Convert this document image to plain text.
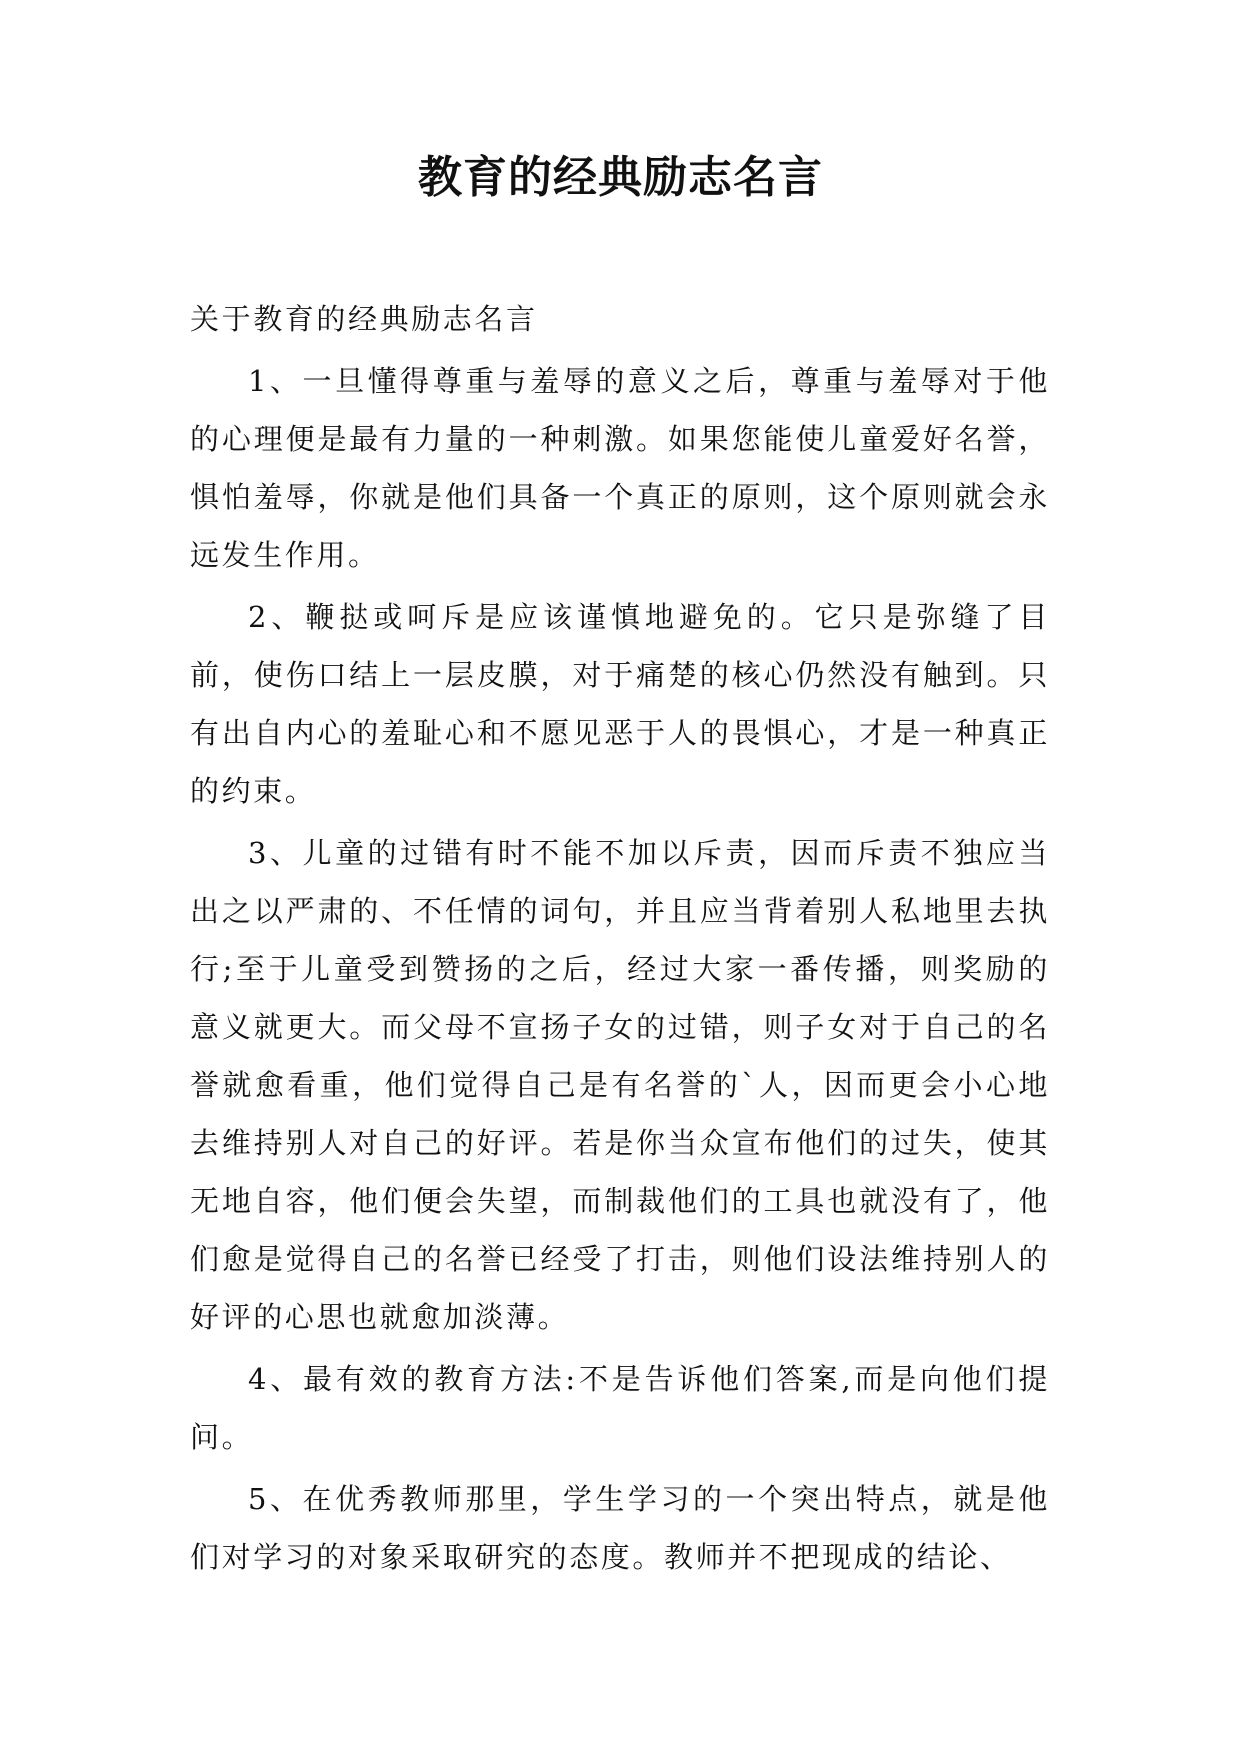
教育的经典励志名言

关于教育的经典励志名言

1、一旦懂得尊重与羞辱的意义之后，尊重与羞辱对于他的心理便是最有力量的一种刺激。如果您能使儿童爱好名誉，惧怕羞辱，你就是他们具备一个真正的原则，这个原则就会永远发生作用。

2、鞭挞或呵斥是应该谨慎地避免的。它只是弥缝了目前，使伤口结上一层皮膜，对于痛楚的核心仍然没有触到。只有出自内心的羞耻心和不愿见恶于人的畏惧心，才是一种真正的约束。

3、儿童的过错有时不能不加以斥责，因而斥责不独应当出之以严肃的、不任情的词句，并且应当背着别人私地里去执行;至于儿童受到赞扬的之后，经过大家一番传播，则奖励的意义就更大。而父母不宣扬子女的过错，则子女对于自己的名誉就愈看重，他们觉得自己是有名誉的`人，因而更会小心地去维持别人对自己的好评。若是你当众宣布他们的过失，使其无地自容，他们便会失望，而制裁他们的工具也就没有了，他们愈是觉得自己的名誉已经受了打击，则他们设法维持别人的好评的心思也就愈加淡薄。

4、最有效的教育方法:不是告诉他们答案,而是向他们提问。

5、在优秀教师那里，学生学习的一个突出特点，就是他们对学习的对象采取研究的态度。教师并不把现成的结论、
